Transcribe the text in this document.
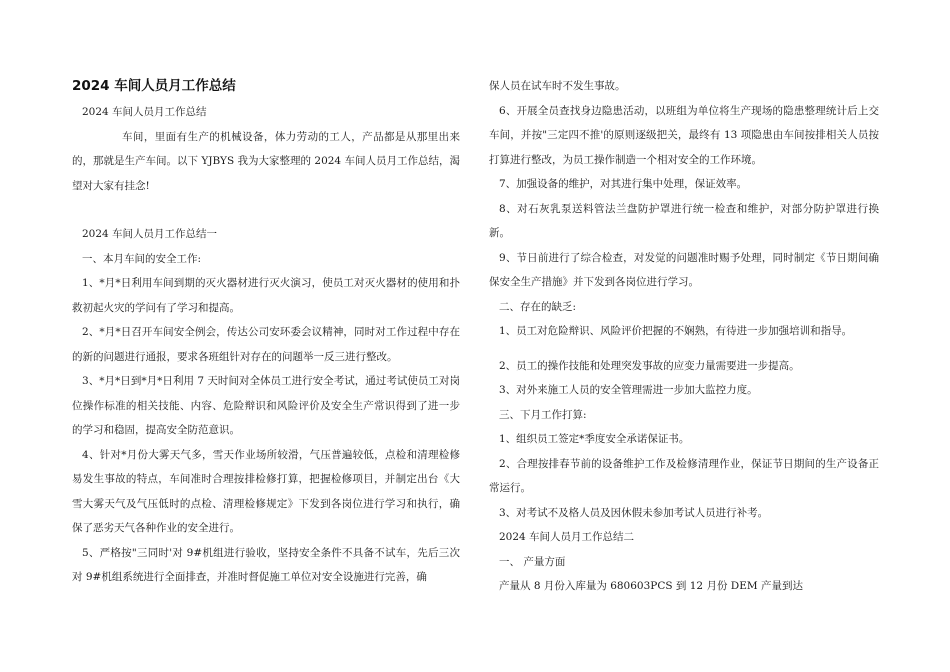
2024 车间人员月工作总结

2024 车间人员月工作总结

车间，里面有生产的机械设备，体力劳动的工人，产品都是从那里出来的，那就是生产车间。以下 YJBYS 我为大家整理的 2024 车间人员月工作总结，渴望对大家有挂念!

2024 车间人员月工作总结一

一、本月车间的安全工作:

1、*月*日利用车间到期的灭火器材进行灭火演习，使员工对灭火器材的使用和扑救初起火灾的学问有了学习和提高。

2、*月*日召开车间安全例会，传达公司安环委会议精神，同时对工作过程中存在的新的问题进行通报，要求各班组针对存在的问题举一反三进行整改。

3、*月*日到*月*日利用 7 天时间对全体员工进行安全考试，通过考试使员工对岗位操作标准的相关技能、内容、危险辩识和风险评价及安全生产常识得到了进一步的学习和稳固，提高安全防范意识。

4、针对*月份大雾天气多，雪天作业场所较滑，气压普遍较低，点检和清理检修易发生事故的特点，车间准时合理按排检修打算，把握检修项目，并制定出台《大雪大雾天气及气压低时的点检、清理检修规定》下发到各岗位进行学习和执行，确保了恶劣天气各种作业的安全进行。

5、严格按"三同时'对 9#机组进行验收，坚持安全条件不具备不试车，先后三次对 9#机组系统进行全面排查，并准时督促施工单位对安全设施进行完善，确

保人员在试车时不发生事故。

6、开展全员查找身边隐患活动，以班组为单位将生产现场的隐患整理统计后上交车间，并按"三定四不推'的原则逐级把关，最终有 13 项隐患由车间按排相关人员按打算进行整改，为员工操作制造一个相对安全的工作环境。

7、加强设备的维护，对其进行集中处理，保证效率。

8、对石灰乳泵送料管法兰盘防护罩进行统一检查和维护，对部分防护罩进行换新。

9、节日前进行了综合检查，对发觉的问题准时赐予处理，同时制定《节日期间确保安全生产措施》并下发到各岗位进行学习。

二、存在的缺乏:

1、员工对危险辩识、风险评价把握的不娴熟，有待进一步加强培训和指导。

2、员工的操作技能和处理突发事故的应变力量需要进一步提高。

3、对外来施工人员的安全管理需进一步加大监控力度。

三、下月工作打算:

1、组织员工签定*季度安全承诺保证书。

2、合理按排春节前的设备维护工作及检修清理作业，保证节日期间的生产设备正常运行。

3、对考试不及格人员及因休假未参加考试人员进行补考。

2024 车间人员月工作总结二

一、 产量方面

产量从 8 月份入库量为 680603PCS 到 12 月份 DEM 产量到达
